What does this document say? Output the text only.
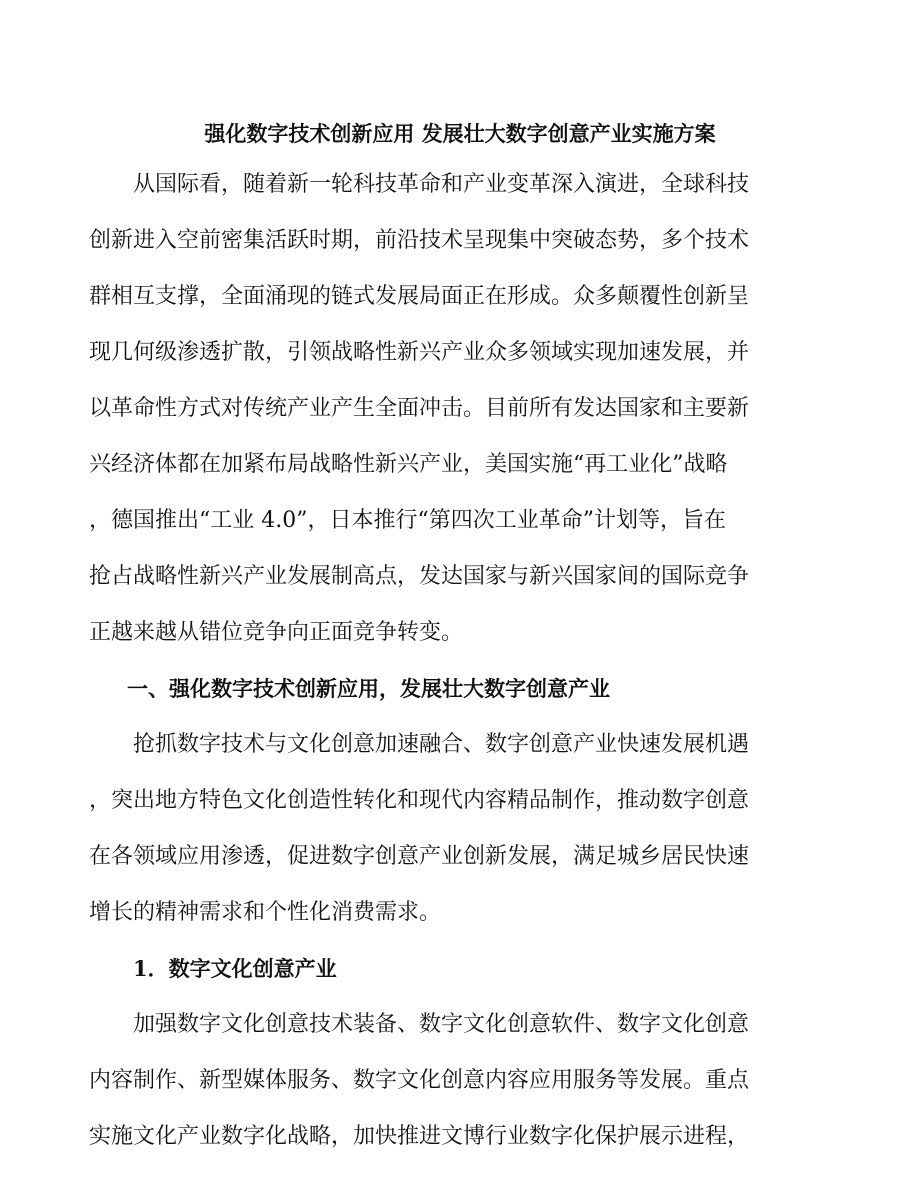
强化数字技术创新应用 发展壮大数字创意产业实施方案

从国际看，随着新一轮科技革命和产业变革深入演进，全球科技

创新进入空前密集活跃时期，前沿技术呈现集中突破态势，多个技术

群相互支撑，全面涌现的链式发展局面正在形成。众多颠覆性创新呈

现几何级渗透扩散，引领战略性新兴产业众多领域实现加速发展，并

以革命性方式对传统产业产生全面冲击。目前所有发达国家和主要新

兴经济体都在加紧布局战略性新兴产业，美国实施“再工业化”战略

，德国推出“工业 4.0”，日本推行“第四次工业革命”计划等，旨在

抢占战略性新兴产业发展制高点，发达国家与新兴国家间的国际竞争

正越来越从错位竞争向正面竞争转变。

一、强化数字技术创新应用，发展壮大数字创意产业

抢抓数字技术与文化创意加速融合、数字创意产业快速发展机遇

，突出地方特色文化创造性转化和现代内容精品制作，推动数字创意

在各领域应用渗透，促进数字创意产业创新发展，满足城乡居民快速

增长的精神需求和个性化消费需求。

1．数字文化创意产业

加强数字文化创意技术装备、数字文化创意软件、数字文化创意

内容制作、新型媒体服务、数字文化创意内容应用服务等发展。重点

实施文化产业数字化战略，加快推进文博行业数字化保护展示进程，
